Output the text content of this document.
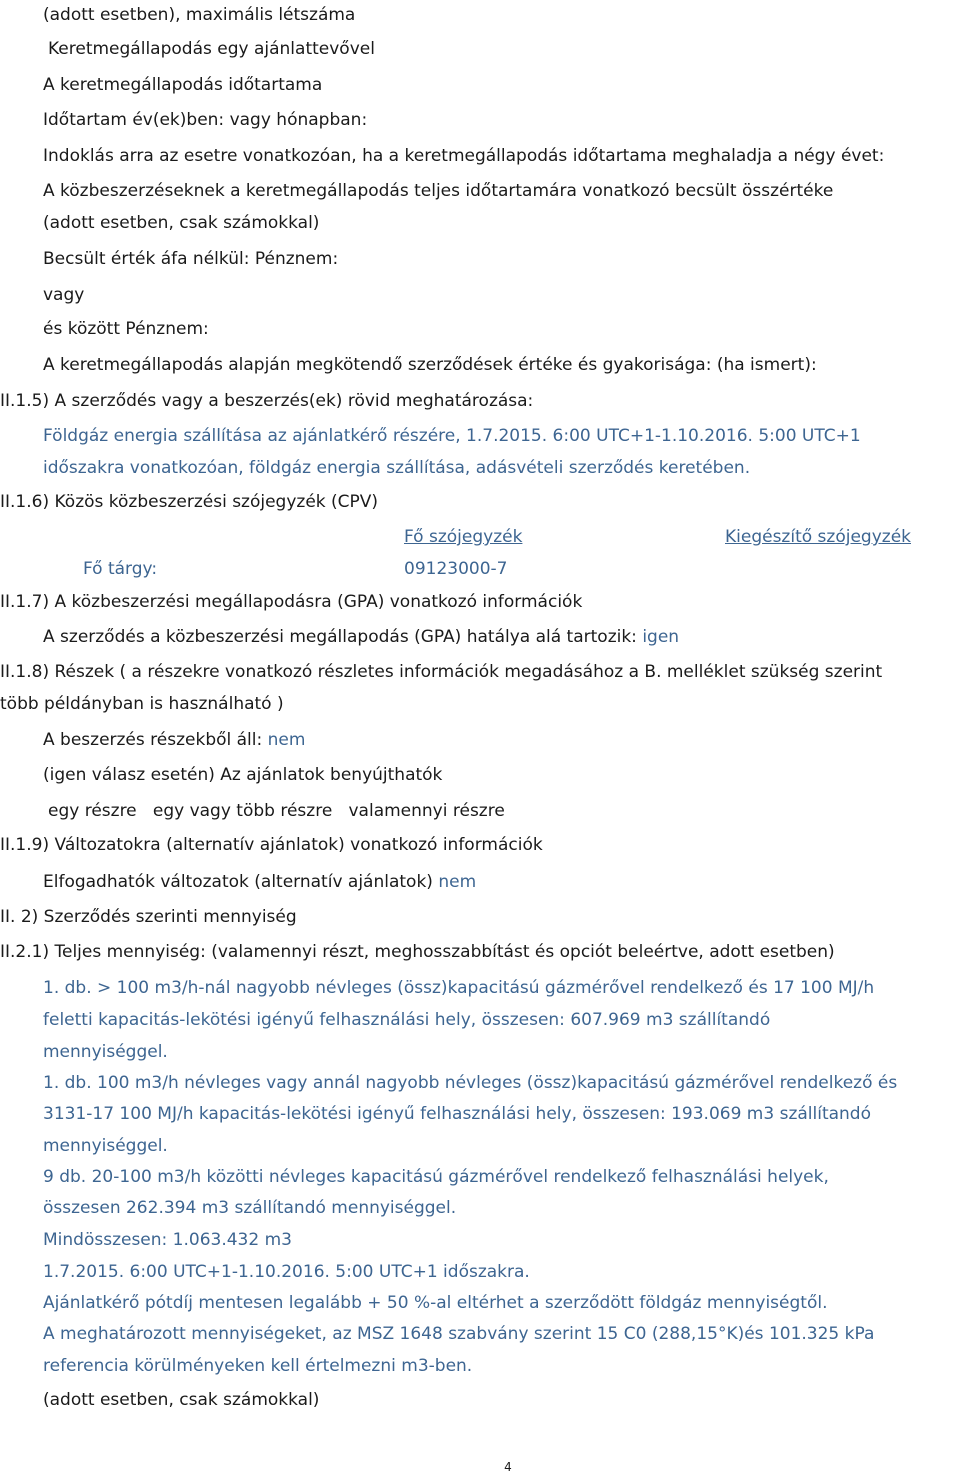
(adott esetben), maximális létszáma
Keretmegállapodás egy ajánlattevővel
A keretmegállapodás időtartama
Időtartam év(ek)ben: vagy hónapban:
Indoklás arra az esetre vonatkozóan, ha a keretmegállapodás időtartama meghaladja a négy évet:
A közbeszerzéseknek a keretmegállapodás teljes időtartamára vonatkozó becsült összértéke
(adott esetben, csak számokkal)
Becsült érték áfa nélkül: Pénznem:
vagy
és között Pénznem:
A keretmegállapodás alapján megkötendő szerződések értéke és gyakorisága: (ha ismert):
II.1.5) A szerződés vagy a beszerzés(ek) rövid meghatározása:
Földgáz energia szállítása az ajánlatkérő részére, 1.7.2015. 6:00 UTC+1-1.10.2016. 5:00 UTC+1
időszakra vonatkozóan, földgáz energia szállítása, adásvételi szerződés keretében.
II.1.6) Közös közbeszerzési szójegyzék (CPV)
Fő szójegyzék	Kiegészítő szójegyzék
Fő tárgy:	09123000-7
II.1.7) A közbeszerzési megállapodásra (GPA) vonatkozó információk
A szerződés a közbeszerzési megállapodás (GPA) hatálya alá tartozik: igen
II.1.8) Részek ( a részekre vonatkozó részletes információk megadásához a B. melléklet szükség szerint
több példányban is használható )
A beszerzés részekből áll: nem
(igen válasz esetén) Az ajánlatok benyújthatók
egy részre   egy vagy több részre   valamennyi részre
II.1.9) Változatokra (alternatív ajánlatok) vonatkozó információk
Elfogadhatók változatok (alternatív ajánlatok) nem
II. 2) Szerződés szerinti mennyiség
II.2.1) Teljes mennyiség: (valamennyi részt, meghosszabbítást és opciót beleértve, adott esetben)
1. db. > 100 m3/h-nál nagyobb névleges (össz)kapacitású gázmérővel rendelkező és 17 100 MJ/h
feletti kapacitás-lekötési igényű felhasználási hely, összesen: 607.969 m3 szállítandó
mennyiséggel.
1. db. 100 m3/h névleges vagy annál nagyobb névleges (össz)kapacitású gázmérővel rendelkező és
3131-17 100 MJ/h kapacitás-lekötési igényű felhasználási hely, összesen: 193.069 m3 szállítandó
mennyiséggel.
9 db. 20-100 m3/h közötti névleges kapacitású gázmérővel rendelkező felhasználási helyek,
összesen 262.394 m3 szállítandó mennyiséggel.
Mindösszesen: 1.063.432 m3
1.7.2015. 6:00 UTC+1-1.10.2016. 5:00 UTC+1 időszakra.
Ajánlatkérő pótdíj mentesen legalább + 50 %-al eltérhet a szerződött földgáz mennyiségtől.
A meghatározott mennyiségeket, az MSZ 1648 szabvány szerint 15 C0 (288,15°K)és 101.325 kPa
referencia körülményeken kell értelmezni m3-ben.
(adott esetben, csak számokkal)
4
